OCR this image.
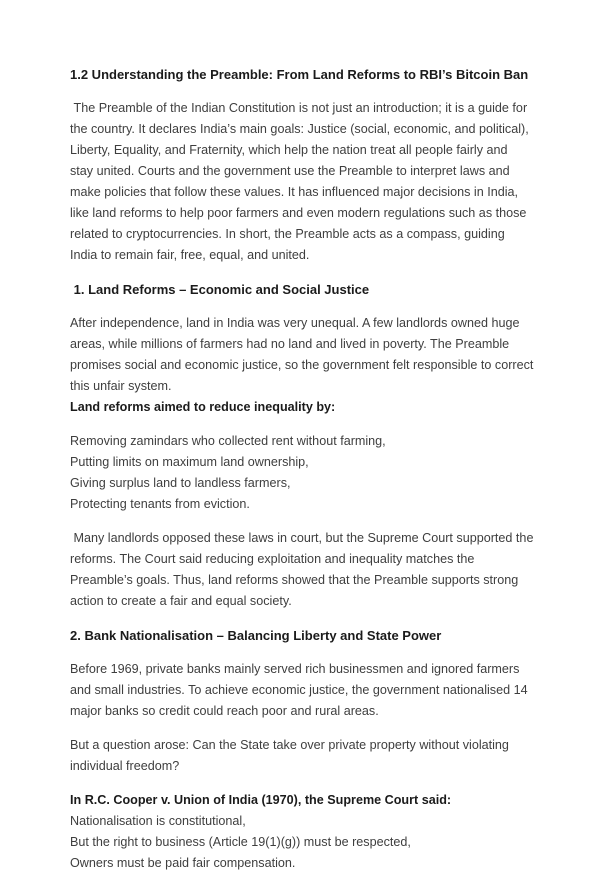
1.2 Understanding the Preamble: From Land Reforms to RBI’s Bitcoin Ban
The Preamble of the Indian Constitution is not just an introduction; it is a guide for the country. It declares India’s main goals: Justice (social, economic, and political), Liberty, Equality, and Fraternity, which help the nation treat all people fairly and stay united. Courts and the government use the Preamble to interpret laws and make policies that follow these values. It has influenced major decisions in India, like land reforms to help poor farmers and even modern regulations such as those related to cryptocurrencies. In short, the Preamble acts as a compass, guiding India to remain fair, free, equal, and united.
1. Land Reforms – Economic and Social Justice
After independence, land in India was very unequal. A few landlords owned huge areas, while millions of farmers had no land and lived in poverty. The Preamble promises social and economic justice, so the government felt responsible to correct this unfair system.
Land reforms aimed to reduce inequality by:
Removing zamindars who collected rent without farming,
Putting limits on maximum land ownership,
Giving surplus land to landless farmers,
Protecting tenants from eviction.
Many landlords opposed these laws in court, but the Supreme Court supported the reforms. The Court said reducing exploitation and inequality matches the Preamble’s goals. Thus, land reforms showed that the Preamble supports strong action to create a fair and equal society.
2. Bank Nationalisation – Balancing Liberty and State Power
Before 1969, private banks mainly served rich businessmen and ignored farmers and small industries. To achieve economic justice, the government nationalised 14 major banks so credit could reach poor and rural areas.
But a question arose: Can the State take over private property without violating individual freedom?
In R.C. Cooper v. Union of India (1970), the Supreme Court said:
Nationalisation is constitutional,
But the right to business (Article 19(1)(g)) must be respected,
Owners must be paid fair compensation.
